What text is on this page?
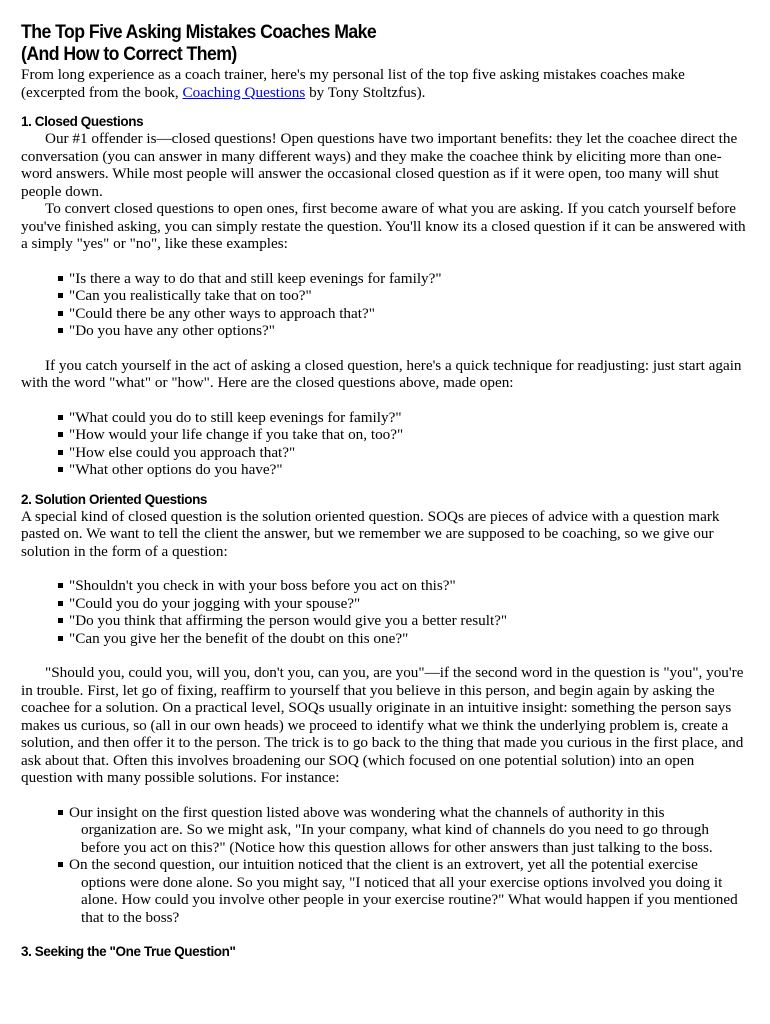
The Top Five Asking Mistakes Coaches Make
(And How to Correct Them)

From long experience as a coach trainer, here's my personal list of the top five asking mistakes coaches make (excerpted from the book, Coaching Questions by Tony Stoltzfus).

1. Closed Questions

Our #1 offender is—closed questions! Open questions have two important benefits: they let the coachee direct the conversation (you can answer in many different ways) and they make the coachee think by eliciting more than one-word answers. While most people will answer the occasional closed question as if it were open, too many will shut people down.

To convert closed questions to open ones, first become aware of what you are asking. If you catch yourself before you've finished asking, you can simply restate the question. You'll know its a closed question if it can be answered with a simply "yes" or "no", like these examples:

"Is there a way to do that and still keep evenings for family?"
"Can you realistically take that on too?"
"Could there be any other ways to approach that?"
"Do you have any other options?"

If you catch yourself in the act of asking a closed question, here's a quick technique for readjusting: just start again with the word "what" or "how". Here are the closed questions above, made open:

"What could you do to still keep evenings for family?"
"How would your life change if you take that on, too?"
"How else could you approach that?"
"What other options do you have?"
2. Solution Oriented Questions

A special kind of closed question is the solution oriented question. SOQs are pieces of advice with a question mark pasted on. We want to tell the client the answer, but we remember we are supposed to be coaching, so we give our solution in the form of a question:

"Shouldn't you check in with your boss before you act on this?"
"Could you do your jogging with your spouse?"
"Do you think that affirming the person would give you a better result?"
"Can you give her the benefit of the doubt on this one?"

"Should you, could you, will you, don't you, can you, are you"—if the second word in the question is "you", you're in trouble. First, let go of fixing, reaffirm to yourself that you believe in this person, and begin again by asking the coachee for a solution. On a practical level, SOQs usually originate in an intuitive insight: something the person says makes us curious, so (all in our own heads) we proceed to identify what we think the underlying problem is, create a solution, and then offer it to the person. The trick is to go back to the thing that made you curious in the first place, and ask about that. Often this involves broadening our SOQ (which focused on one potential solution) into an open question with many possible solutions. For instance:

Our insight on the first question listed above was wondering what the channels of authority in this
organization are. So we might ask, "In your company, what kind of channels do you need to go through before you act on this?" (Notice how this question allows for other answers than just talking to the boss.
On the second question, our intuition noticed that the client is an extrovert, yet all the potential exercise
options were done alone. So you might say, "I noticed that all your exercise options involved you doing it alone. How could you involve other people in your exercise routine?" What would happen if you mentioned that to the boss?
3. Seeking the "One True Question"
